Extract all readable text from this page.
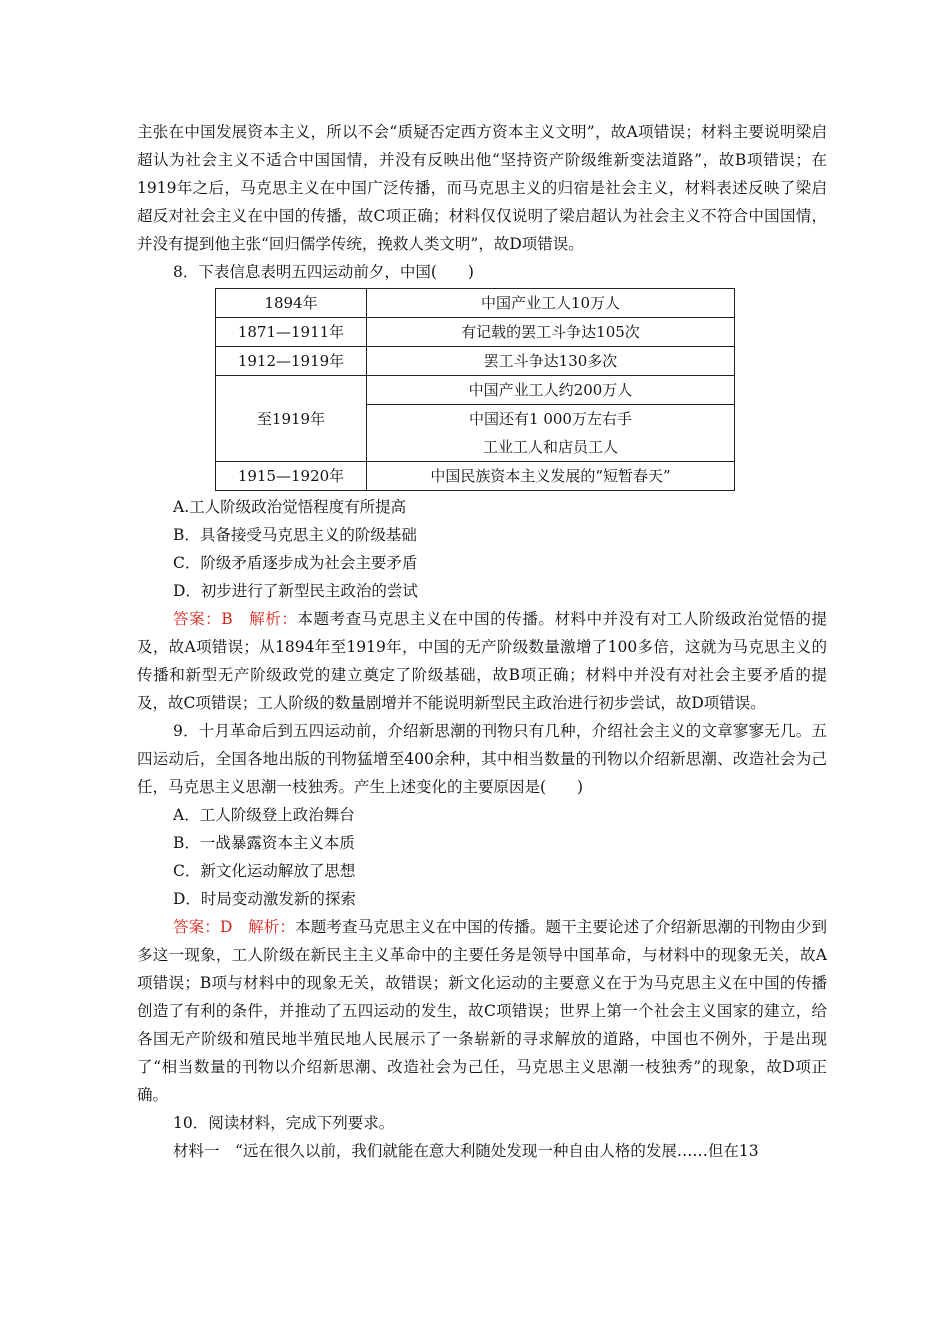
主张在中国发展资本主义，所以不会“质疑否定西方资本主义文明”，故A项错误；材料主要说明梁启超认为社会主义不适合中国国情，并没有反映出他“坚持资产阶级维新变法道路”，故B项错误；在1919年之后，马克思主义在中国广泛传播，而马克思主义的归宿是社会主义，材料表述反映了梁启超反对社会主义在中国的传播，故C项正确；材料仅仅说明了梁启超认为社会主义不符合中国国情，并没有提到他主张“回归儒学传统，挽救人类文明”，故D项错误。

8．下表信息表明五四运动前夕，中国(　　)

1894年	中国产业工人10万人
1871—1911年	有记载的罢工斗争达105次
1912—1919年	罢工斗争达130多次
至1919年	中国产业工人约200万人

	中国还有1 000万左右手
工业工人和店员工人

1915—1920年	中国民族资本主义发展的“短暂春天”

A.工人阶级政治觉悟程度有所提高

B．具备接受马克思主义的阶级基础

C．阶级矛盾逐步成为社会主要矛盾

D．初步进行了新型民主政治的尝试

答案：B　解析：本题考查马克思主义在中国的传播。材料中并没有对工人阶级政治觉悟的提及，故A项错误；从1894年至1919年，中国的无产阶级数量激增了100多倍，这就为马克思主义的传播和新型无产阶级政党的建立奠定了阶级基础，故B项正确；材料中并没有对社会主要矛盾的提及，故C项错误；工人阶级的数量剧增并不能说明新型民主政治进行初步尝试，故D项错误。

9．十月革命后到五四运动前，介绍新思潮的刊物只有几种，介绍社会主义的文章寥寥无几。五四运动后，全国各地出版的刊物猛增至400余种，其中相当数量的刊物以介绍新思潮、改造社会为己任，马克思主义思潮一枝独秀。产生上述变化的主要原因是(　　)

A．工人阶级登上政治舞台

B．一战暴露资本主义本质

C．新文化运动解放了思想

D．时局变动激发新的探索

答案：D　解析：本题考查马克思主义在中国的传播。题干主要论述了介绍新思潮的刊物由少到多这一现象，工人阶级在新民主主义革命中的主要任务是领导中国革命，与材料中的现象无关，故A项错误；B项与材料中的现象无关，故错误；新文化运动的主要意义在于为马克思主义在中国的传播创造了有利的条件，并推动了五四运动的发生，故C项错误；世界上第一个社会主义国家的建立，给各国无产阶级和殖民地半殖民地人民展示了一条崭新的寻求解放的道路，中国也不例外，于是出现了“相当数量的刊物以介绍新思潮、改造社会为己任，马克思主义思潮一枝独秀”的现象，故D项正确。

10．阅读材料，完成下列要求。

材料一　“远在很久以前，我们就能在意大利随处发现一种自由人格的发展……但在13
